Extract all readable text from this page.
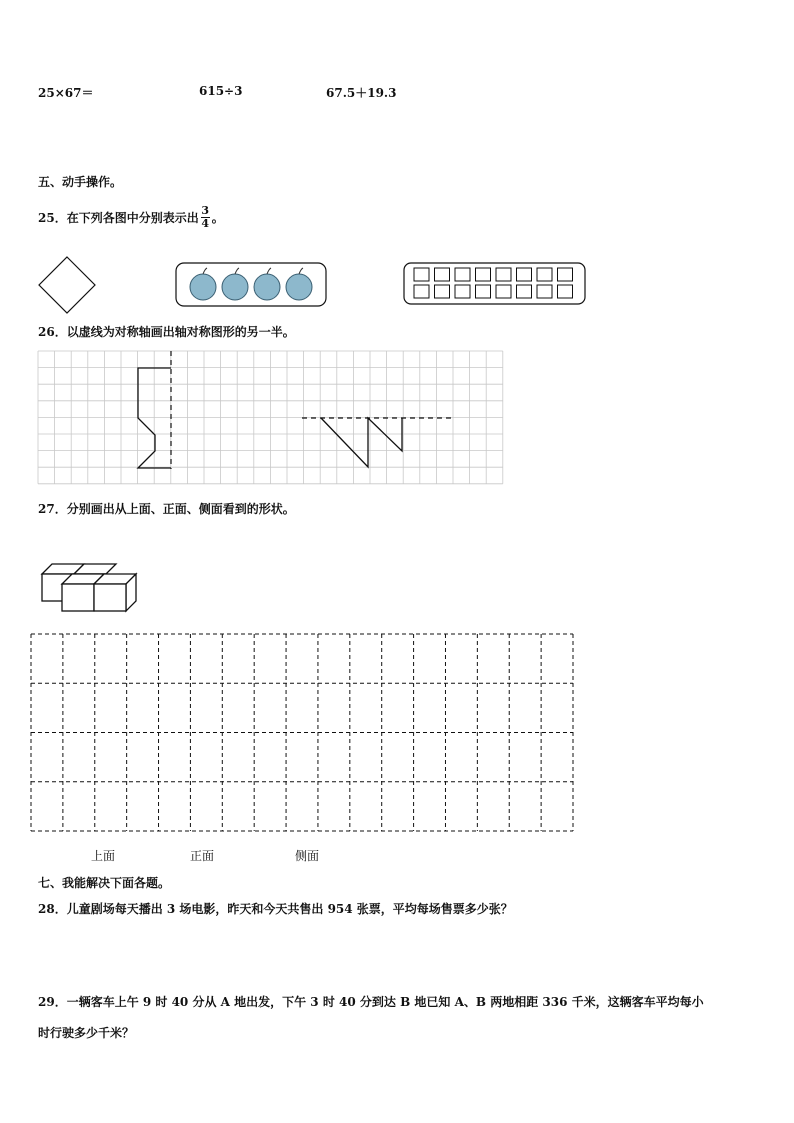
25×67＝	615÷3	67.5＋19.3
五、动手操作。
25．在下列各图中分别表示出 $\frac{3}{4}$ 。
26．以虚线为对称轴画出轴对称图形的另一半。
27．分别画出从上面、正面、侧面看到的形状。
上面	正面	侧面
七、我能解决下面各题。
28．儿童剧场每天播出 3 场电影，昨天和今天共售出 954 张票，平均每场售票多少张？
29．一辆客车上午 9 时 40 分从 A 地出发，下午 3 时 40 分到达 B 地已知 A、B 两地相距 336 千米，这辆客车平均每小
时行驶多少千米？
